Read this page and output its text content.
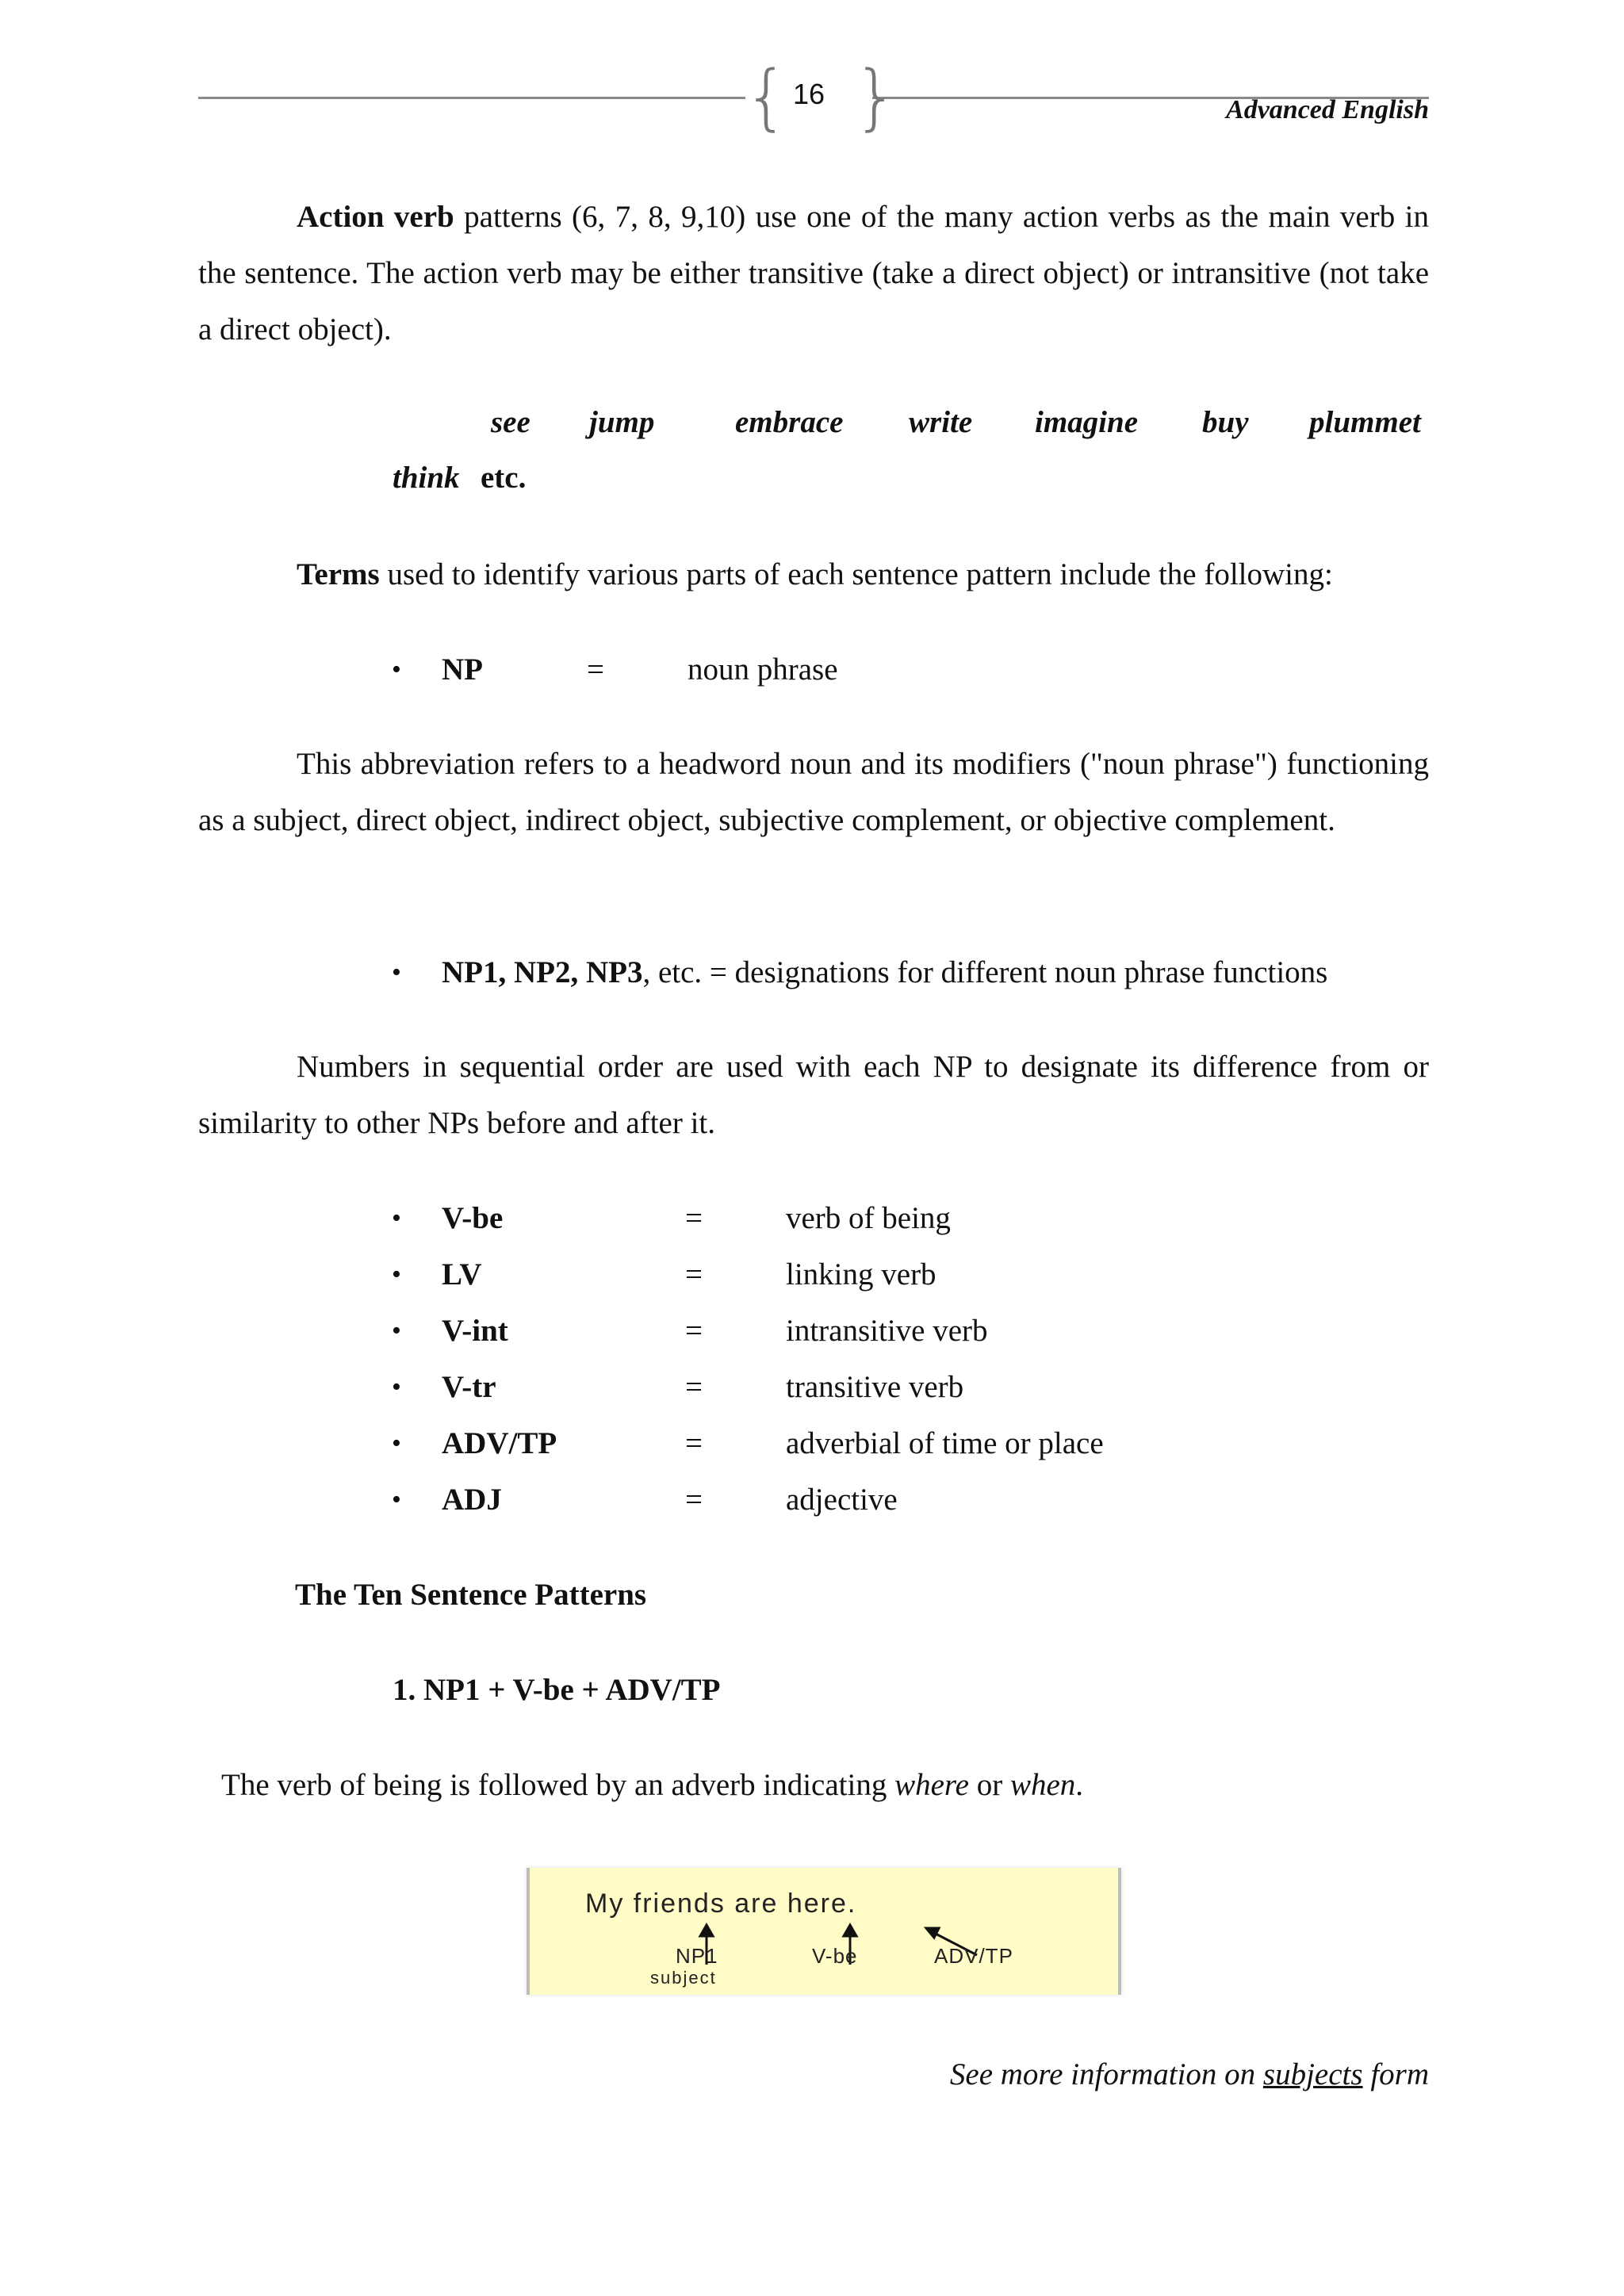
{ }
16	Advanced English
Action verb patterns (6, 7, 8, 9,10) use one of the many action verbs as the main verb in the sentence. The action verb may be either transitive (take a direct object) or intransitive (not take a direct object).
see jump	embrace write imagine buy plummet
think etc.
Terms used to identify various parts of each sentence pattern include the following:
• NP	=	noun phrase
This abbreviation refers to a headword noun and its modifiers ("noun phrase") functioning as a subject, direct object, indirect object, subjective complement, or objective complement.
• NP1, NP2, NP3, etc. = designations for different noun phrase functions
Numbers in sequential order are used with each NP to designate its difference from or similarity to other NPs before and after it.
• V-be	=	verb of being
• LV	=	linking verb
• V-int	=	intransitive verb
• V-tr	=	transitive verb
• ADV/TP	=	adverbial of time or place
• ADJ	=	adjective
The Ten Sentence Patterns
1. NP1 + V-be + ADV/TP
The verb of being is followed by an adverb indicating where or when.
My friends are here.
NP1	V-be	ADV/TP
subject
See more information on subjects form
